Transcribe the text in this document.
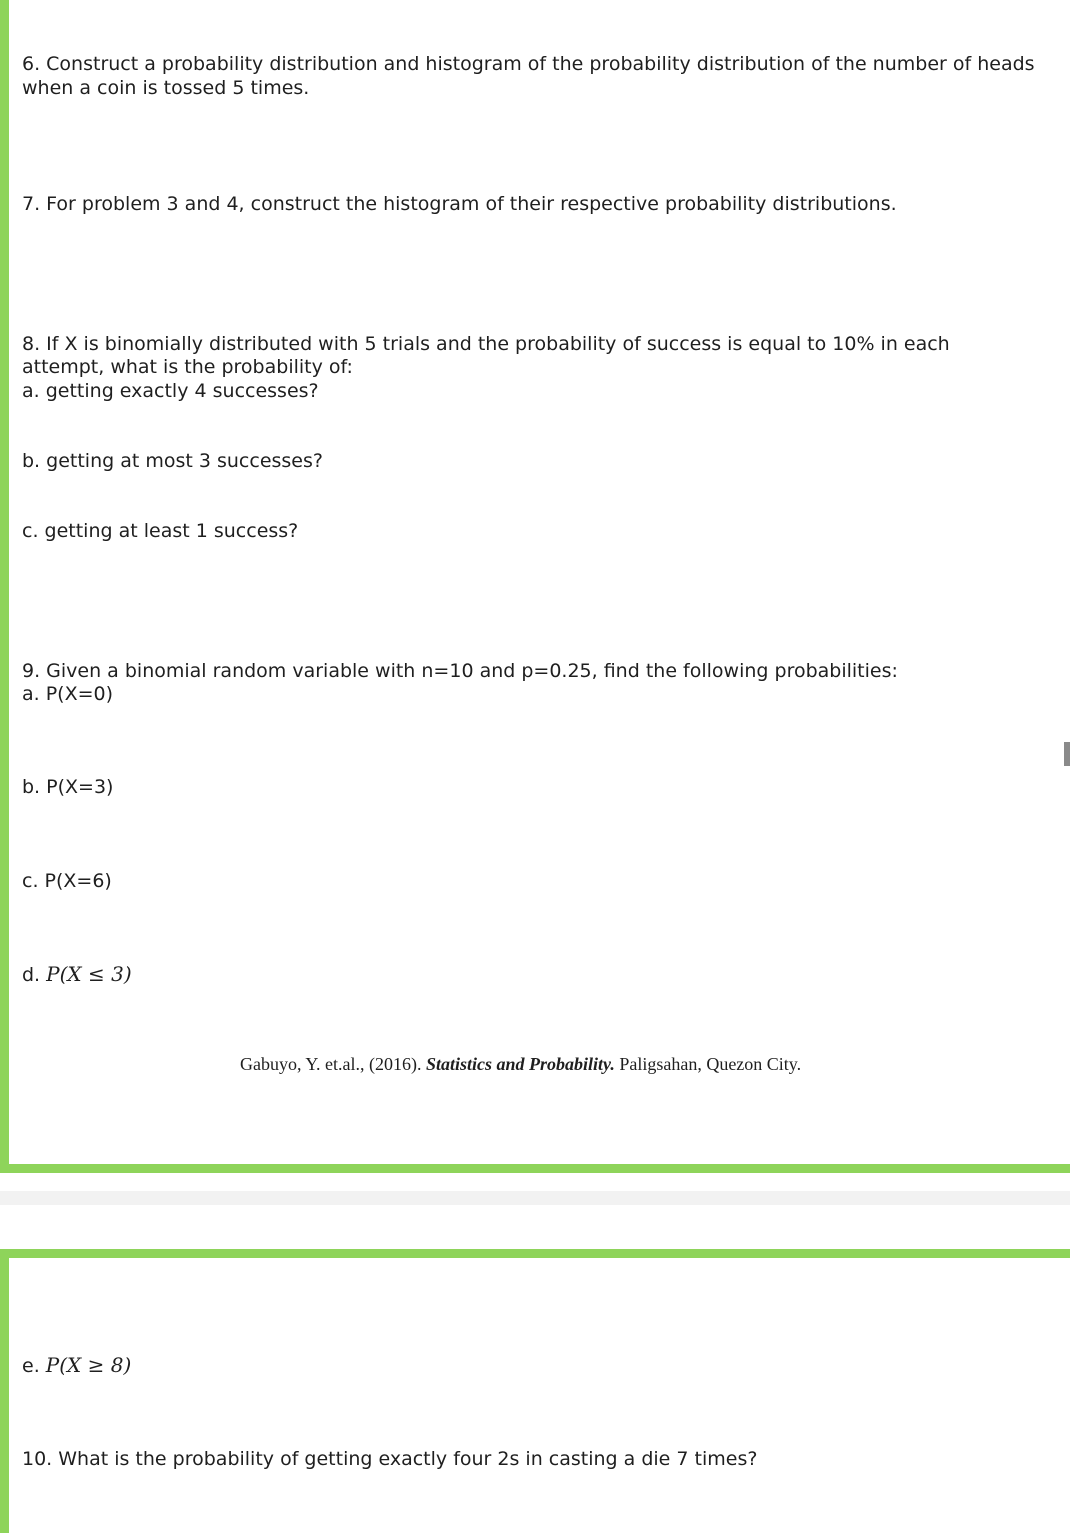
6. Construct a probability distribution and histogram of the probability distribution of the number of heads

when a coin is tossed 5 times.

7. For problem 3 and 4, construct the histogram of their respective probability distributions.

8. If X is binomially distributed with 5 trials and the probability of success is equal to 10% in each

attempt, what is the probability of:

a. getting exactly 4 successes?

b. getting at most 3 successes?

c. getting at least 1 success?

9. Given a binomial random variable with n=10 and p=0.25, find the following probabilities:

a. P(X=0)

b. P(X=3)

c. P(X=6)

d. P(X ≤ 3)

Gabuyo, Y. et.al., (2016). Statistics and Probability. Paligsahan, Quezon City.

e. P(X ≥ 8)

10. What is the probability of getting exactly four 2s in casting a die 7 times?
